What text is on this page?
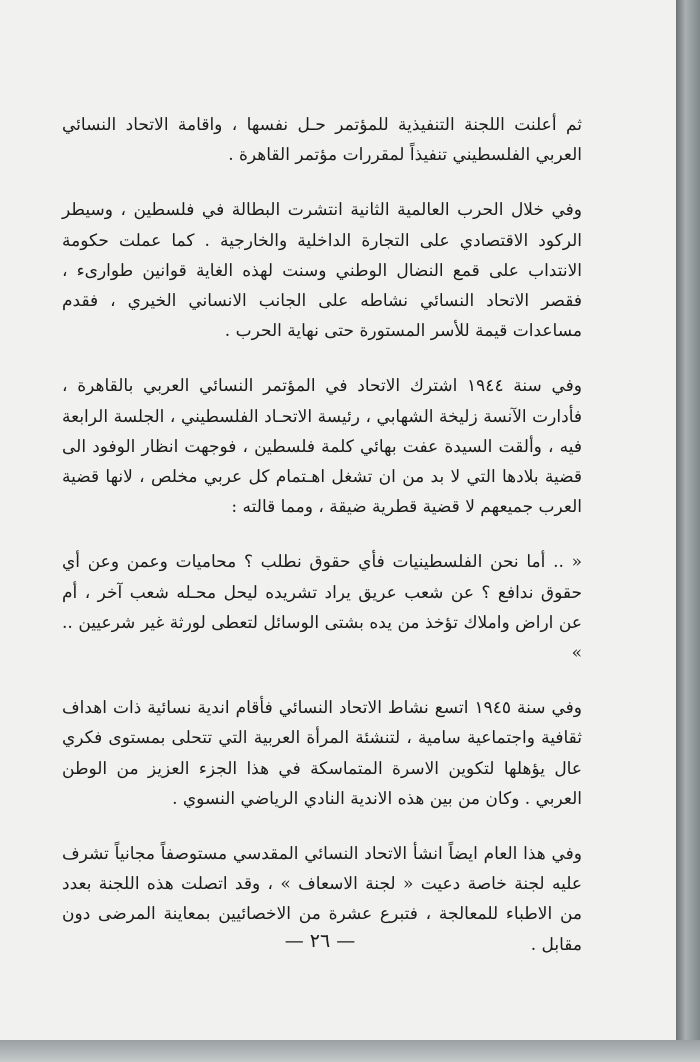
ثم أعلنت اللجنة التنفيذية للمؤتمر حـل نفسها ، واقامة الاتحاد النسائي العربي الفلسطيني تنفيذاً لمقررات مؤتمر القاهرة .

وفي خلال الحرب العالمية الثانية انتشرت البطالة في فلسطين ، وسيطر الركود الاقتصادي على التجارة الداخلية والخارجية . كما عملت حكومة الانتداب على قمع النضال الوطني وسنت لهذه الغاية قوانين طوارىء ، فقصر الاتحاد النسائي نشاطه على الجانب الانساني الخيري ، فقدم مساعدات قيمة للأسر المستورة حتى نهاية الحرب .

وفي سنة ١٩٤٤ اشترك الاتحاد في المؤتمر النسائي العربي بالقاهرة ، فأدارت الآنسة زليخة الشهابي ، رئيسة الاتحـاد الفلسطيني ، الجلسة الرابعة فيه ، وألقت السيدة عفت بهائي كلمة فلسطين ، فوجهت انظار الوفود الى قضية بلادها التي لا بد من ان تشغل اهـتمام كل عربي مخلص ، لانها قضية العرب جميعهم لا قضية قطرية ضيقة ، ومما قالته :

« .. أما نحن الفلسطينيات فأي حقوق نطلب ؟ محاميات وعمن وعن أي حقوق ندافع ؟ عن شعب عريق يراد تشريده ليحل محـله شعب آخر ، أم عن اراض واملاك تؤخذ من يده بشتى الوسائل لتعطى لورثة غير شرعيين .. »

وفي سنة ١٩٤٥ اتسع نشاط الاتحاد النسائي فأقام اندية نسائية ذات اهداف ثقافية واجتماعية سامية ، لتنشئة المرأة العربية التي تتحلى بمستوى فكري عال يؤهلها لتكوين الاسرة المتماسكة في هذا الجزء العزيز من الوطن العربي . وكان من بين هذه الاندية النادي الرياضي النسوي .

وفي هذا العام ايضاً انشأ الاتحاد النسائي المقدسي مستوصفاً مجانياً تشرف عليه لجنة خاصة دعيت « لجنة الاسعاف » ، وقد اتصلت هذه اللجنة بعدد من الاطباء للمعالجة ، فتبرع عشرة من الاخصائيين بمعاينة المرضى دون مقابل .

— ٢٦ —
